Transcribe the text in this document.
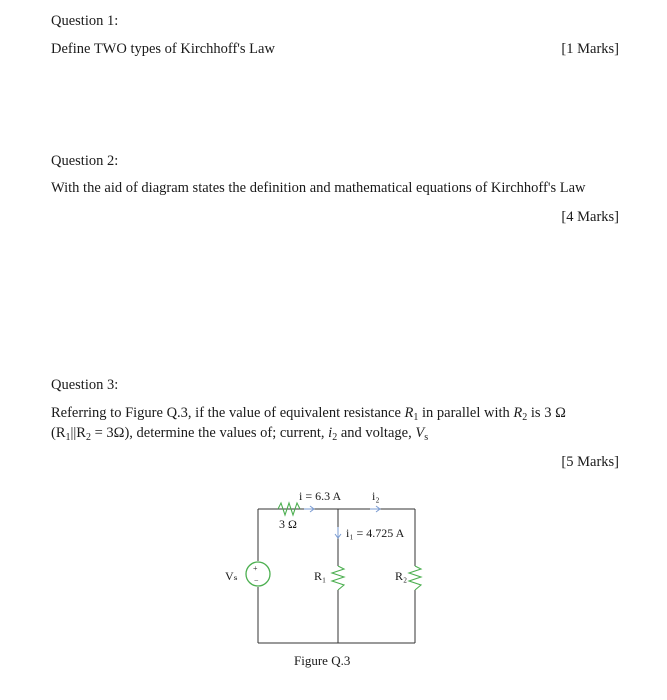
Question 1:
Define TWO types of Kirchhoff's Law	[1 Marks]
Question 2:
With the aid of diagram states the definition and mathematical equations of Kirchhoff's Law
[4 Marks]
Question 3:
Referring to Figure Q.3, if the value of equivalent resistance $R_1$ in parallel with $R_2$ is 3 Ω
$(R_1||R_2 = 3\Omega)$, determine the values of; current, $i_2$ and voltage, $V_s$
[5 Marks]
+
−
i = 6.3 A	i₂
3 Ω
i₁ = 4.725 A
Vₛ	R₁	R₂
Figure Q.3
